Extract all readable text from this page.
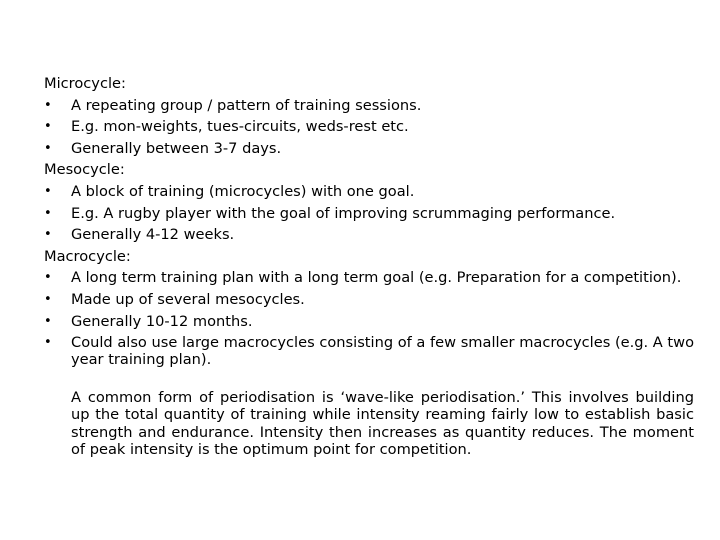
Microcycle:
•	A repeating group / pattern of training sessions.
•	E.g. mon-weights, tues-circuits, weds-rest etc.
•	Generally between 3-7 days.
Mesocycle:
•	A block of training (microcycles) with one goal.
•	E.g. A rugby player with the goal of improving scrummaging performance.
•	Generally 4-12 weeks.
Macrocycle:
•	A long term training plan with a long term goal (e.g. Preparation for a competition).
•	Made up of several mesocycles.
•	Generally 10-12 months.
•	Could also use large macrocycles consisting of a few smaller macrocycles (e.g. A two year training plan).

A common form of periodisation is ‘wave-like periodisation.’ This involves building up the total quantity of training while intensity reaming fairly low to establish basic strength and endurance. Intensity then increases as quantity reduces. The moment of peak intensity is the optimum point for competition.
